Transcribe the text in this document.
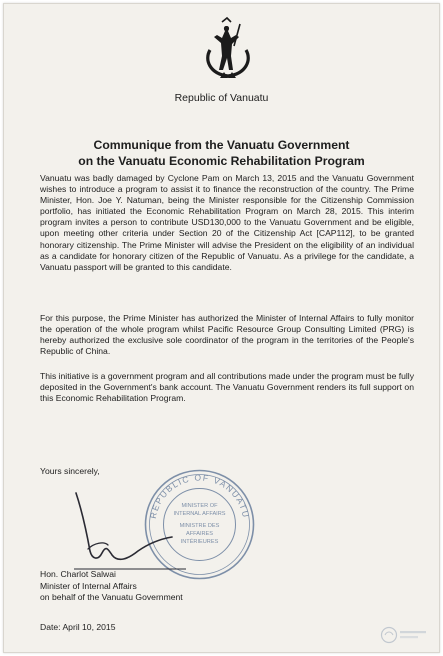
Republic of Vanuatu
Communique from the Vanuatu Government
on the Vanuatu Economic Rehabilitation Program

Vanuatu was badly damaged by Cyclone Pam on March 13, 2015 and the Vanuatu Government wishes to introduce a program to assist it to finance the reconstruction of the country. The Prime Minister, Hon. Joe Y. Natuman, being the Minister responsible for the Citizenship Commission portfolio, has initiated the Economic Rehabilitation Program on March 28, 2015. This interim program invites a person to contribute USD130,000 to the Vanuatu Government and be eligible, upon meeting other criteria under Section 20 of the Citizenship Act [CAP112], to be granted honorary citizenship. The Prime Minister will advise the President on the eligibility of an individual as a candidate for honorary citizen of the Republic of Vanuatu. As a privilege for the candidate, a Vanuatu passport will be granted to this candidate.

For this purpose, the Prime Minister has authorized the Minister of Internal Affairs to fully monitor the operation of the whole program whilst Pacific Resource Group Consulting Limited (PRG) is hereby authorized the exclusive sole coordinator of the program in the territories of the People's Republic of China.

This initiative is a government program and all contributions made under the program must be fully deposited in the Government's bank account. The Vanuatu Government renders its full support on this Economic Rehabilitation Program.

Yours sincerely,
REPUBLIC OF VANUATU
MINISTER OF
INTERNAL AFFAIRS
MINISTRE DES
AFFAIRES
INTÉRIEURES
Hon. Charlot Salwai
Minister of Internal Affairs
on behalf of the Vanuatu Government
Date: April 10, 2015
